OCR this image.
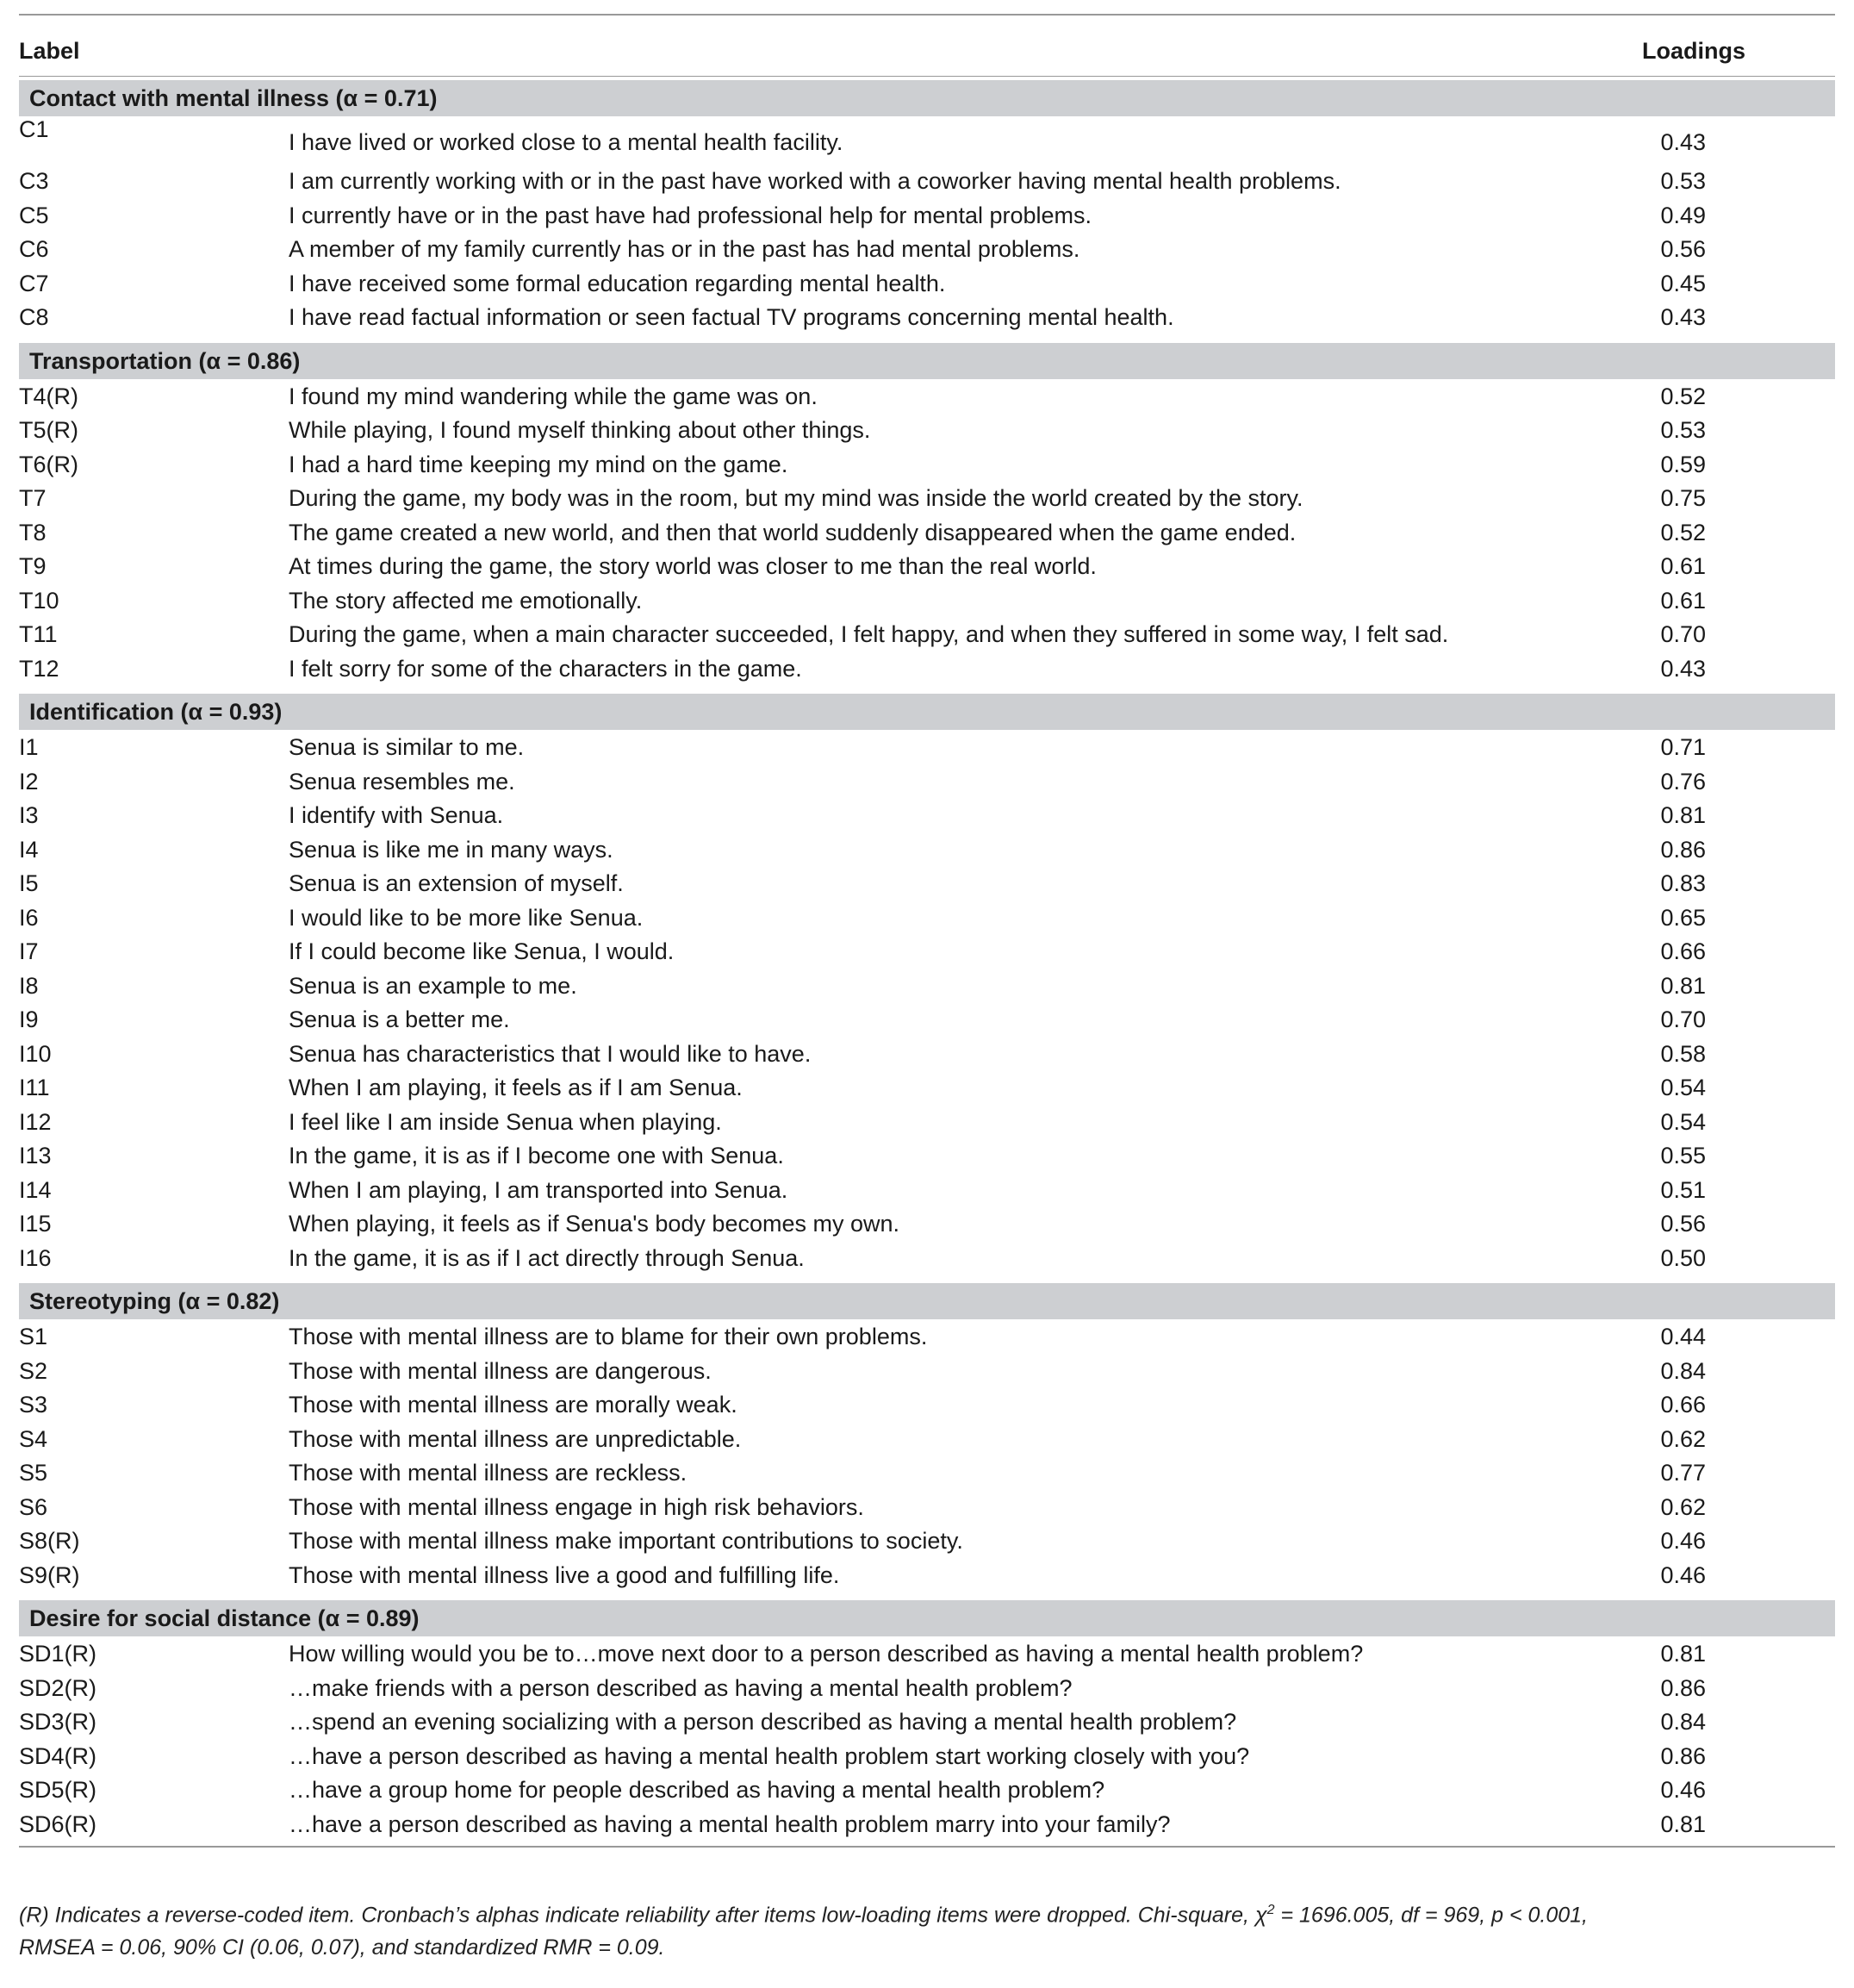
Label	Loadings
Contact with mental illness (α = 0.71)
C1	I have lived or worked close to a mental health facility.	0.43
C3	I am currently working with or in the past have worked with a coworker having mental health problems.	0.53
C5	I currently have or in the past have had professional help for mental problems.	0.49
C6	A member of my family currently has or in the past has had mental problems.	0.56
C7	I have received some formal education regarding mental health.	0.45
C8	I have read factual information or seen factual TV programs concerning mental health.	0.43
Transportation (α = 0.86)
T4(R)	I found my mind wandering while the game was on.	0.52
T5(R)	While playing, I found myself thinking about other things.	0.53
T6(R)	I had a hard time keeping my mind on the game.	0.59
T7	During the game, my body was in the room, but my mind was inside the world created by the story.	0.75
T8	The game created a new world, and then that world suddenly disappeared when the game ended.	0.52
T9	At times during the game, the story world was closer to me than the real world.	0.61
T10	The story affected me emotionally.	0.61
T11	During the game, when a main character succeeded, I felt happy, and when they suffered in some way, I felt sad.	0.70
T12	I felt sorry for some of the characters in the game.	0.43
Identification (α = 0.93)
I1	Senua is similar to me.	0.71
I2	Senua resembles me.	0.76
I3	I identify with Senua.	0.81
I4	Senua is like me in many ways.	0.86
I5	Senua is an extension of myself.	0.83
I6	I would like to be more like Senua.	0.65
I7	If I could become like Senua, I would.	0.66
I8	Senua is an example to me.	0.81
I9	Senua is a better me.	0.70
I10	Senua has characteristics that I would like to have.	0.58
I11	When I am playing, it feels as if I am Senua.	0.54
I12	I feel like I am inside Senua when playing.	0.54
I13	In the game, it is as if I become one with Senua.	0.55
I14	When I am playing, I am transported into Senua.	0.51
I15	When playing, it feels as if Senua's body becomes my own.	0.56
I16	In the game, it is as if I act directly through Senua.	0.50
Stereotyping (α = 0.82)
S1	Those with mental illness are to blame for their own problems.	0.44
S2	Those with mental illness are dangerous.	0.84
S3	Those with mental illness are morally weak.	0.66
S4	Those with mental illness are unpredictable.	0.62
S5	Those with mental illness are reckless.	0.77
S6	Those with mental illness engage in high risk behaviors.	0.62
S8(R)	Those with mental illness make important contributions to society.	0.46
S9(R)	Those with mental illness live a good and fulfilling life.	0.46
Desire for social distance (α = 0.89)
SD1(R)	How willing would you be to…move next door to a person described as having a mental health problem?	0.81
SD2(R)	…make friends with a person described as having a mental health problem?	0.86
SD3(R)	…spend an evening socializing with a person described as having a mental health problem?	0.84
SD4(R)	…have a person described as having a mental health problem start working closely with you?	0.86
SD5(R)	…have a group home for people described as having a mental health problem?	0.46
SD6(R)	…have a person described as having a mental health problem marry into your family?	0.81
(R) Indicates a reverse-coded item. Cronbach’s alphas indicate reliability after items low-loading items were dropped. Chi-square, $\chi^2 = 1696.005$, df = 969, p < 0.001,
RMSEA = 0.06, 90% CI (0.06, 0.07), and standardized RMR = 0.09.
